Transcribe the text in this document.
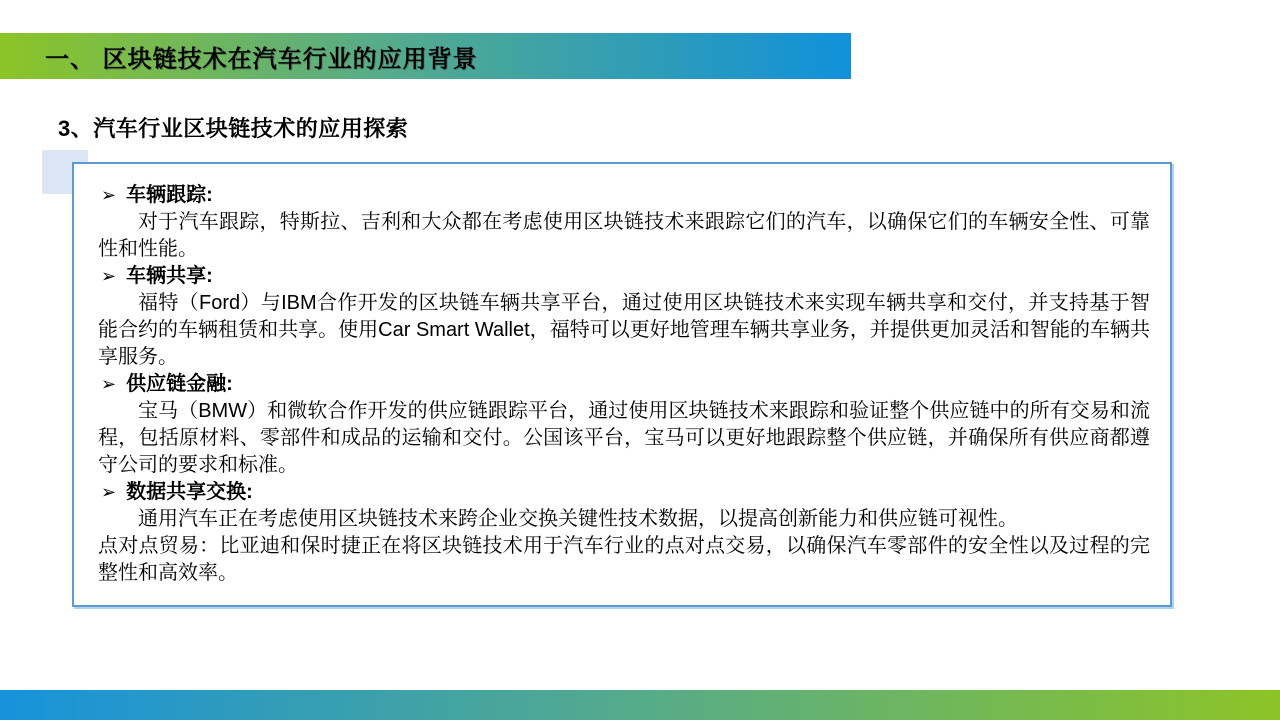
一、 区块链技术在汽车行业的应用背景
3、汽车行业区块链技术的应用探索
➢ 车辆跟踪:

对于汽车跟踪，特斯拉、吉利和大众都在考虑使用区块链技术来跟踪它们的汽车，以确保它们的车辆安全性、可靠性和性能。

➢ 车辆共享:

福特（Ford）与IBM合作开发的区块链车辆共享平台，通过使用区块链技术来实现车辆共享和交付，并支持基于智能合约的车辆租赁和共享。使用Car Smart Wallet，福特可以更好地管理车辆共享业务，并提供更加灵活和智能的车辆共享服务。

➢ 供应链金融:

宝马（BMW）和微软合作开发的供应链跟踪平台，通过使用区块链技术来跟踪和验证整个供应链中的所有交易和流程，包括原材料、零部件和成品的运输和交付。公国该平台，宝马可以更好地跟踪整个供应链，并确保所有供应商都遵守公司的要求和标准。

➢ 数据共享交换:

通用汽车正在考虑使用区块链技术来跨企业交换关键性技术数据，以提高创新能力和供应链可视性。

点对点贸易：比亚迪和保时捷正在将区块链技术用于汽车行业的点对点交易，以确保汽车零部件的安全性以及过程的完整性和高效率。
